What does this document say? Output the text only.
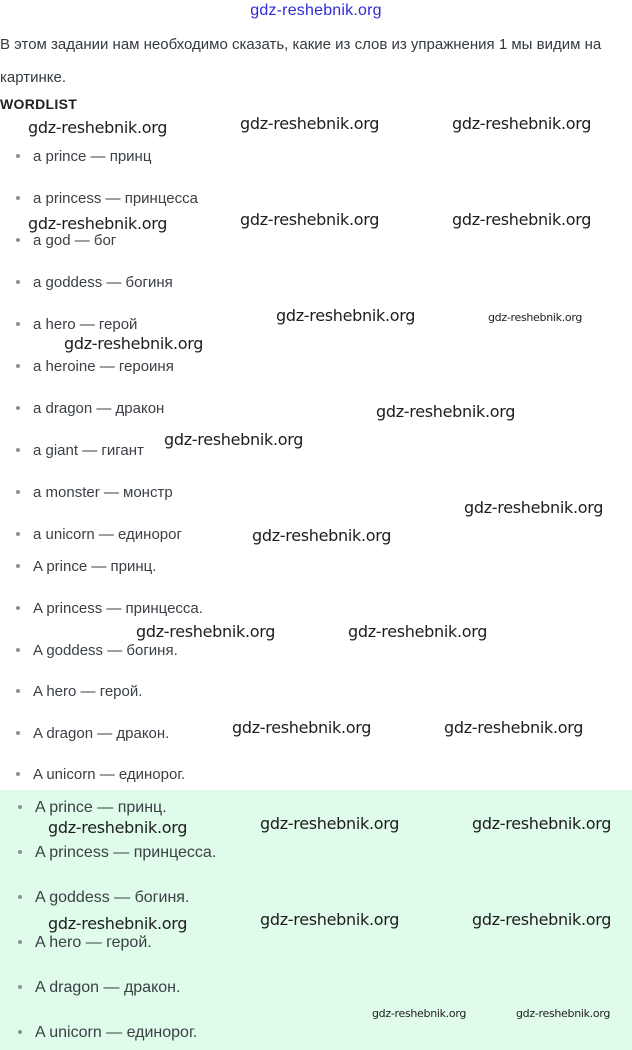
gdz-reshebnik.org
В этом задании нам необходимо сказать, какие из слов из упражнения 1 мы видим на картинке.
WORDLIST
a prince — принц
a princess — принцесса
a god — бог
a goddess — богиня
a hero — герой
a heroine — героиня
a dragon — дракон
a giant — гигант
a monster — монстр
a unicorn — единорог
A prince — принц.
A princess — принцесса.
A goddess — богиня.
A hero — герой.
A dragon — дракон.
A unicorn — единорог.
A prince — принц.
A princess — принцесса.
A goddess — богиня.
A hero — герой.
A dragon — дракон.
A unicorn — единорог.
gdz-reshebnik.org	gdz-reshebnik.org	gdz-reshebnik.org
gdz-reshebnik.org	gdz-reshebnik.org	gdz-reshebnik.org
gdz-reshebnik.org	gdz-reshebnik.org
gdz-reshebnik.org
gdz-reshebnik.org
gdz-reshebnik.org
gdz-reshebnik.org
gdz-reshebnik.org
gdz-reshebnik.org	gdz-reshebnik.org
gdz-reshebnik.org	gdz-reshebnik.org
gdz-reshebnik.org	gdz-reshebnik.org	gdz-reshebnik.org
gdz-reshebnik.org	gdz-reshebnik.org	gdz-reshebnik.org
gdz-reshebnik.org	gdz-reshebnik.org
